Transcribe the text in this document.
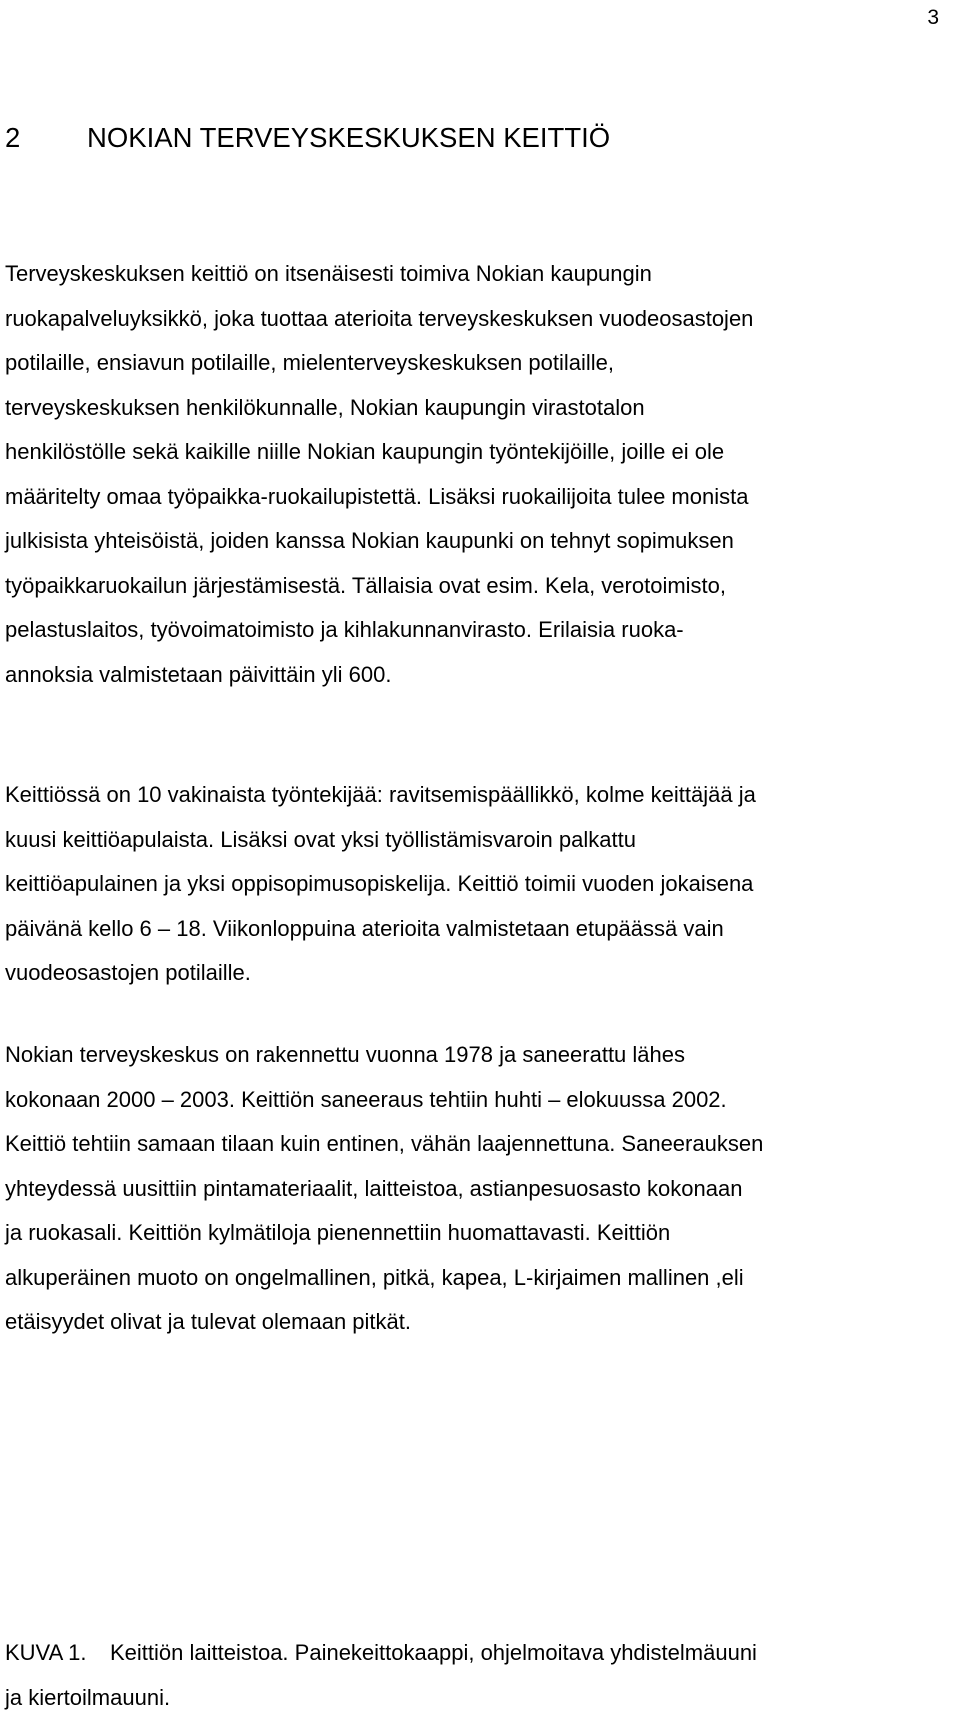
3
2 NOKIAN TERVEYSKESKUKSEN KEITTIÖ
Terveyskeskuksen keittiö on itsenäisesti toimiva Nokian kaupungin
ruokapalveluyksikkö, joka tuottaa aterioita terveyskeskuksen vuodeosastojen
potilaille, ensiavun potilaille, mielenterveyskeskuksen potilaille,
terveyskeskuksen henkilökunnalle, Nokian kaupungin virastotalon
henkilöstölle sekä kaikille niille Nokian kaupungin työntekijöille, joille ei ole
määritelty omaa työpaikka-ruokailupistettä. Lisäksi ruokailijoita tulee monista
julkisista yhteisöistä, joiden kanssa Nokian kaupunki on tehnyt sopimuksen
työpaikkaruokailun järjestämisestä. Tällaisia ovat esim. Kela, verotoimisto,
pelastuslaitos, työvoimatoimisto ja kihlakunnanvirasto. Erilaisia ruoka-
annoksia valmistetaan päivittäin yli 600.
Keittiössä on 10 vakinaista työntekijää: ravitsemispäällikkö, kolme keittäjää ja
kuusi keittiöapulaista. Lisäksi ovat yksi työllistämisvaroin palkattu
keittiöapulainen ja yksi oppisopimusopiskelija. Keittiö toimii vuoden jokaisena
päivänä kello 6 – 18. Viikonloppuina aterioita valmistetaan etupäässä vain
vuodeosastojen potilaille.
Nokian terveyskeskus on rakennettu vuonna 1978 ja saneerattu lähes
kokonaan 2000 – 2003. Keittiön saneeraus tehtiin huhti – elokuussa 2002.
Keittiö tehtiin samaan tilaan kuin entinen, vähän laajennettuna. Saneerauksen
yhteydessä uusittiin pintamateriaalit, laitteistoa, astianpesuosasto kokonaan
ja ruokasali. Keittiön kylmätiloja pienennettiin huomattavasti. Keittiön
alkuperäinen muoto on ongelmallinen, pitkä, kapea, L-kirjaimen mallinen ,eli
etäisyydet olivat ja tulevat olemaan pitkät.
KUVA 1. Keittiön laitteistoa. Painekeittokaappi, ohjelmoitava yhdistelmäuuni
ja kiertoilmauuni.
